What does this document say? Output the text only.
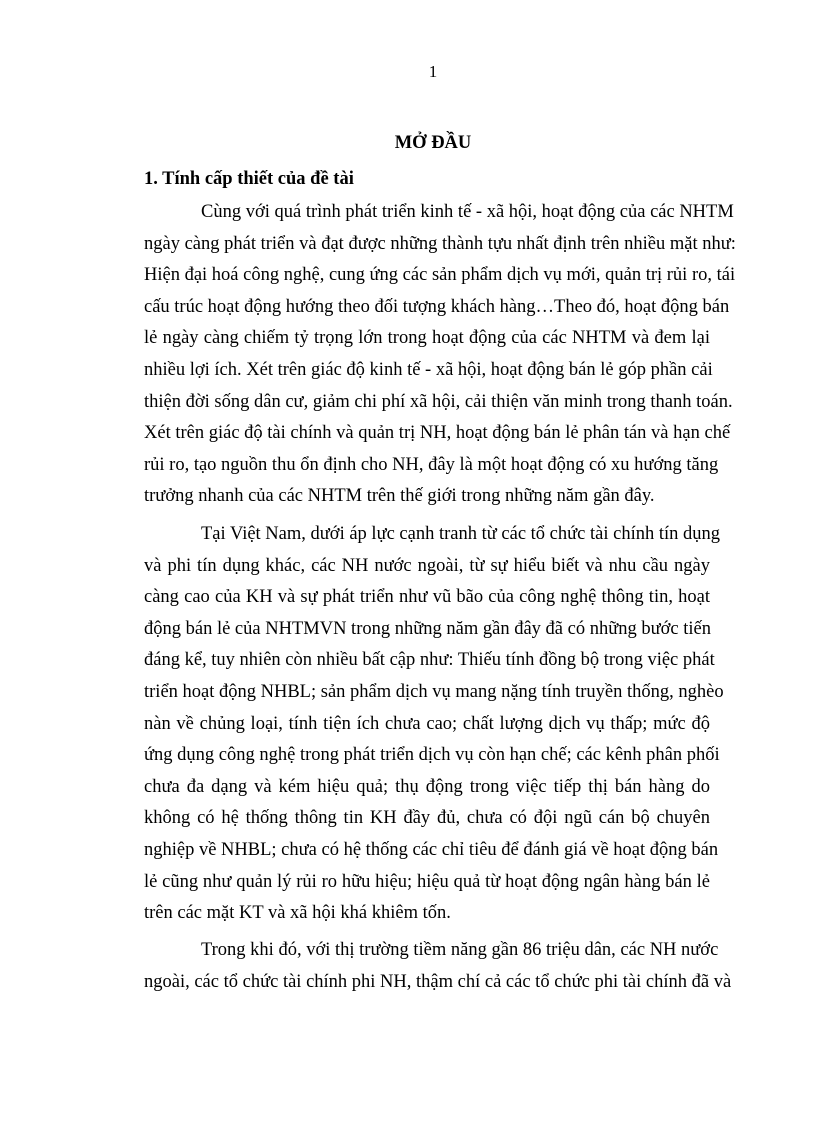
1
MỞ ĐẦU
1. Tính cấp thiết của đề tài
Cùng với quá trình phát triển kinh tế - xã hội, hoạt động của các NHTM
ngày càng phát triển và đạt được những thành tựu nhất định trên nhiều mặt như:
Hiện đại hoá công nghệ, cung ứng các sản phẩm dịch vụ mới, quản trị rủi ro, tái
cấu trúc hoạt động hướng theo đối tượng khách hàng…Theo đó, hoạt động bán
lẻ ngày càng chiếm tỷ trọng lớn trong hoạt động của các NHTM và đem lại
nhiều lợi ích. Xét trên giác độ kinh tế - xã hội, hoạt động bán lẻ góp phần cải
thiện đời sống dân cư, giảm chi phí xã hội, cải thiện văn minh trong thanh toán.
Xét trên giác độ tài chính và quản trị NH, hoạt động bán lẻ phân tán và hạn chế
rủi ro, tạo nguồn thu ổn định cho NH, đây là một hoạt động có xu hướng tăng
trưởng nhanh của các NHTM trên thế giới trong những năm gần đây.
Tại Việt Nam, dưới áp lực cạnh tranh từ các tổ chức tài chính tín dụng
và phi tín dụng khác, các NH nước ngoài, từ sự hiểu biết và nhu cầu ngày
càng cao của KH và sự phát triển như vũ bão của công nghệ thông tin, hoạt
động bán lẻ của NHTMVN trong những năm gần đây đã có những bước tiến
đáng kể, tuy nhiên còn nhiều bất cập như: Thiếu tính đồng bộ trong việc phát
triển hoạt động NHBL; sản phẩm dịch vụ mang nặng tính truyền thống, nghèo
nàn về chủng loại, tính tiện ích chưa cao; chất lượng dịch vụ thấp; mức độ
ứng dụng công nghệ trong phát triển dịch vụ còn hạn chế; các kênh phân phối
chưa đa dạng và kém hiệu quả; thụ động trong việc tiếp thị bán hàng do
không có hệ thống thông tin KH đầy đủ, chưa có đội ngũ cán bộ chuyên
nghiệp về NHBL; chưa có hệ thống các chỉ tiêu để đánh giá về hoạt động bán
lẻ cũng như quản lý rủi ro hữu hiệu; hiệu quả từ hoạt động ngân hàng bán lẻ
trên các mặt KT và xã hội khá khiêm tốn.
Trong khi đó, với thị trường tiềm năng gần 86 triệu dân, các NH nước
ngoài, các tổ chức tài chính phi NH, thậm chí cả các tổ chức phi tài chính đã và
